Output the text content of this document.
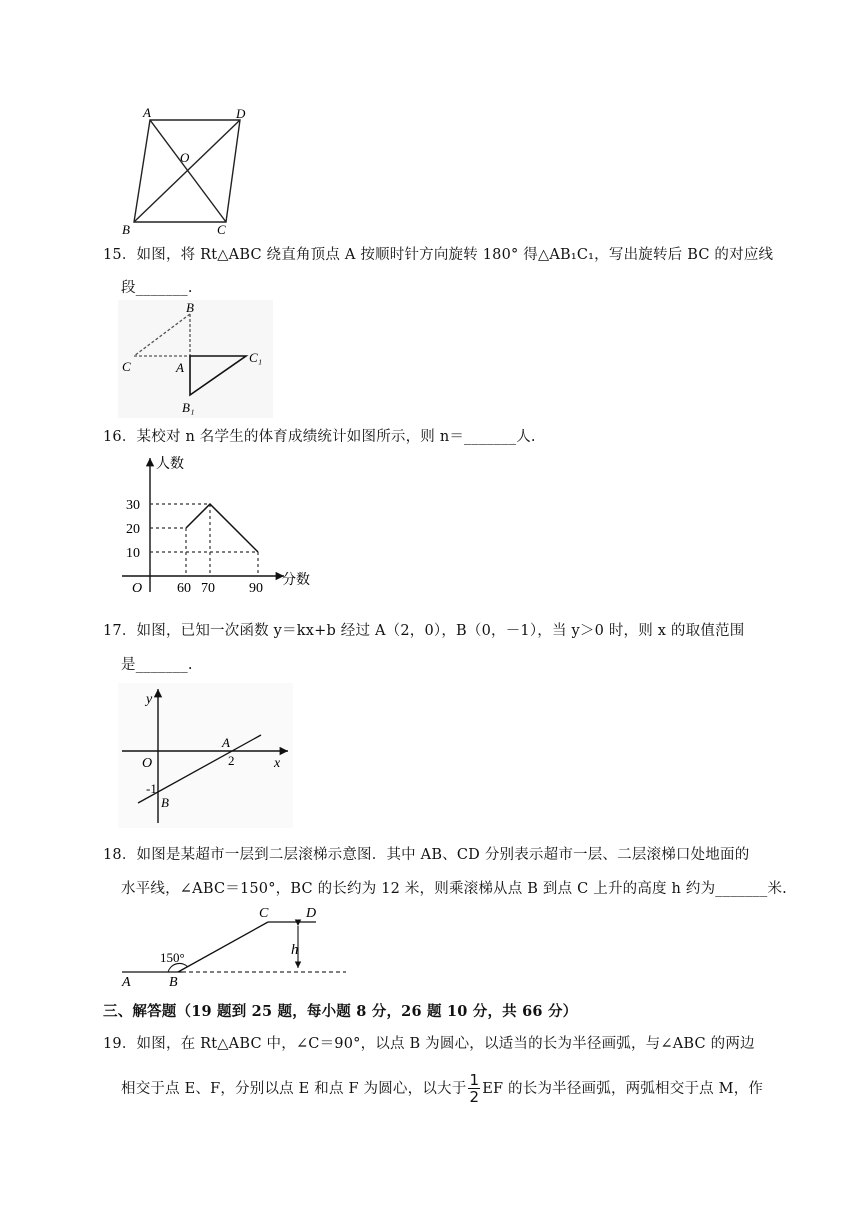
A	D
O
B	C
15．如图，将 Rt△ABC 绕直角顶点 A 按顺时针方向旋转 180° 得△AB₁C₁，写出旋转后 BC 的对应线
段_______.
B
C	A
C₁
B₁
16．某校对 n 名学生的体育成绩统计如图所示，则 n＝_______人.
人数
分数
O
10
20
30
60 70 90
17．如图，已知一次函数 y＝kx+b 经过 A（2，0），B（0，－1），当 y＞0 时，则 x 的取值范围
是_______.
y
x
O
A
2
-1
B
18．如图是某超市一层到二层滚梯示意图．其中 AB、CD 分别表示超市一层、二层滚梯口处地面的
水平线，∠ABC＝150°，BC 的长约为 12 米，则乘滚梯从点 B 到点 C 上升的高度 h 约为_______米.
C	D
150°	h
A	B
三、解答题（19 题到 25 题，每小题 8 分，26 题 10 分，共 66 分）
19．如图，在 Rt△ABC 中，∠C＝90°，以点 B 为圆心，以适当的长为半径画弧，与∠ABC 的两边
相交于点 E、F，分别以点 E 和点 F 为圆心，以大于 $\frac{1}{2}$ EF 的长为半径画弧，两弧相交于点 M，作
